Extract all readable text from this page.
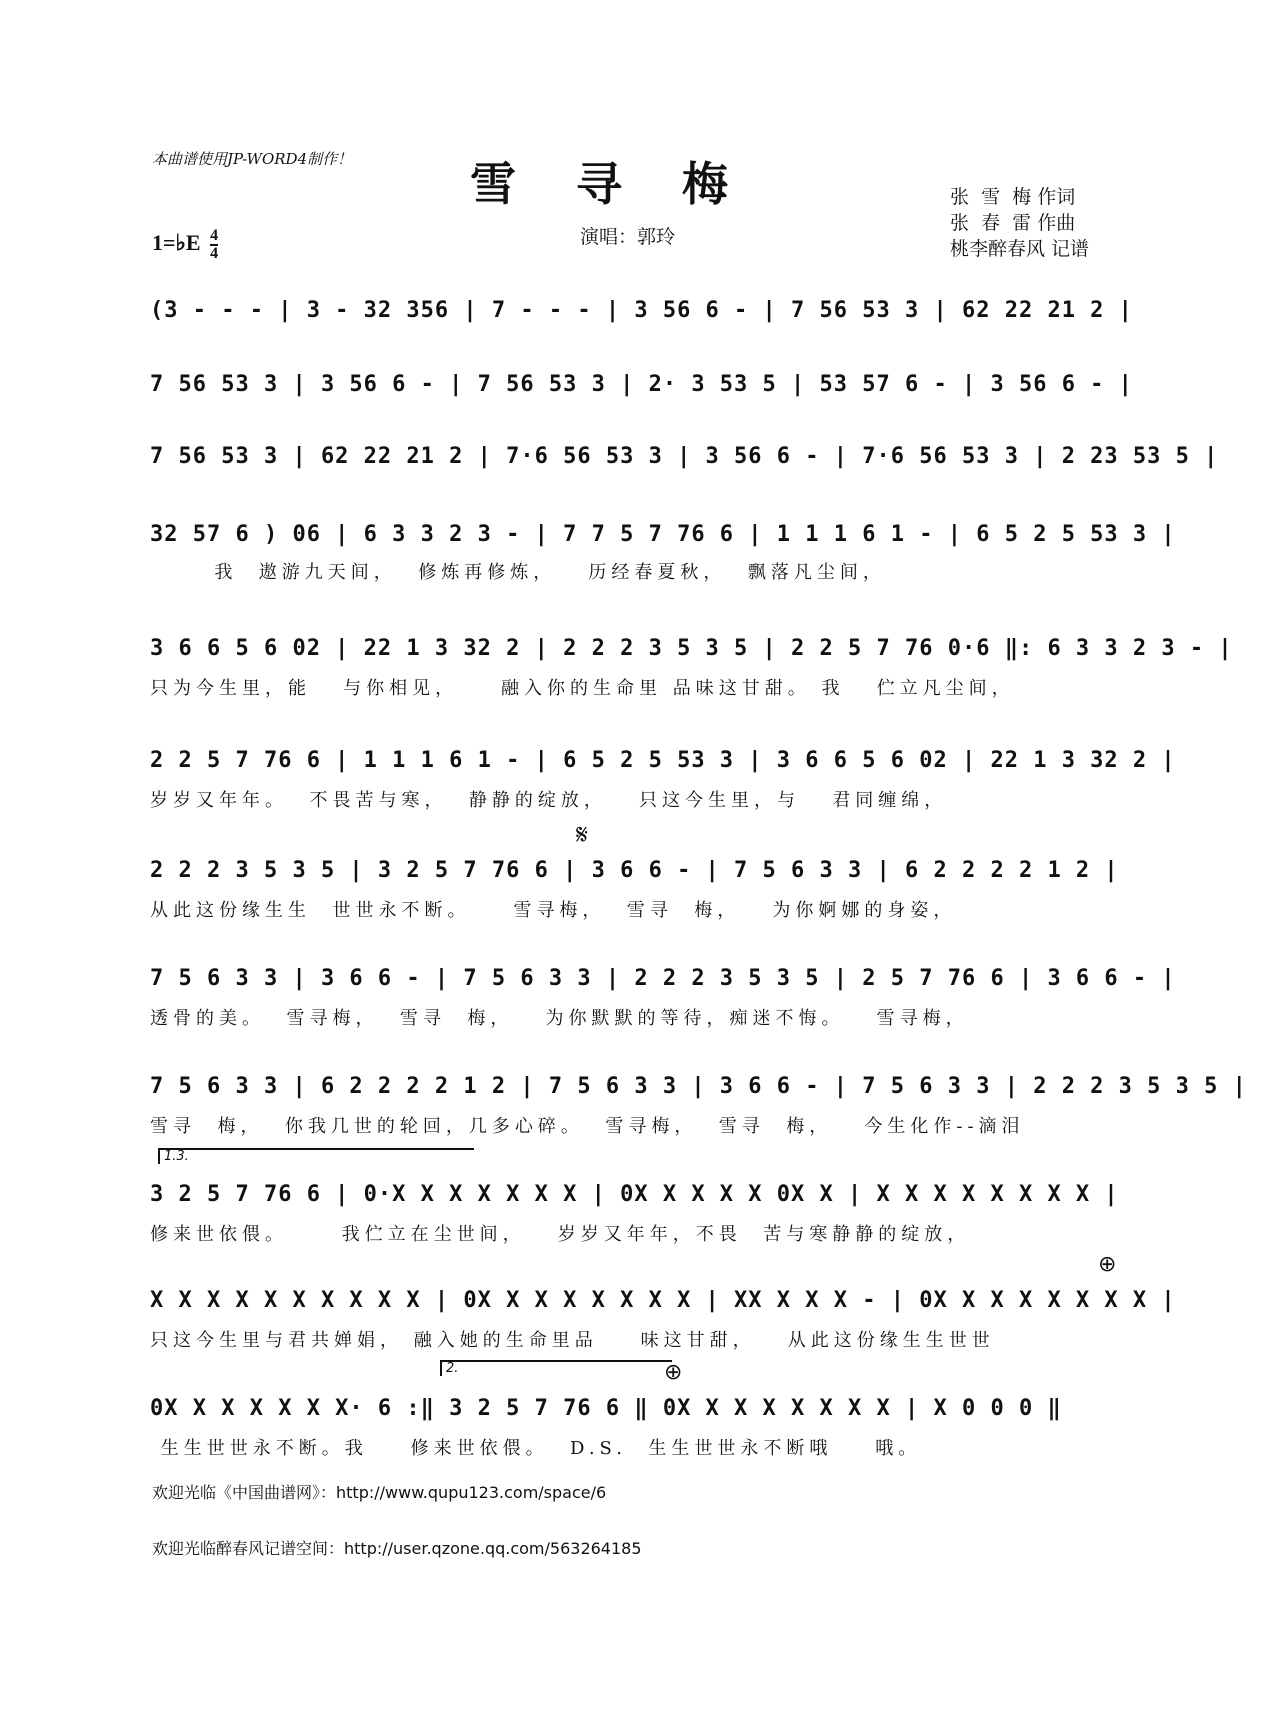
本曲谱使用JP-WORD4制作！	雪寻梅
演唱：郭玲
张  雪  梅 作词
张  春  雷 作曲
桃李醉春风 记谱
1=♭E $\frac{4}{4}$
(3 - - - | 3 - 32 356 | 7 - - - | 3 56 6 - | 7 56 53 3 | 62 22 21 2 |
7 56 53 3 | 3 56 6 - | 7 56 53 3 | 2· 3 53 5 | 53 57 6 - | 3 56 6 - |
7 56 53 3 | 62 22 21 2 | 7·6 56 53 3 | 3 56 6 - | 7·6 56 53 3 | 2 23 53 5 |
32 57 6 ) 06 | 6 3 3 2 3 - | 7 7 5 7 76 6 | 1 1 1 6 1 - | 6 5 2 5 53 3 |
我  遨游九天间，  修炼再修炼，   历经春夏秋，  飘落凡尘间，
3 6 6 5 6 02 | 22 1 3 32 2 | 2 2 2 3 5 3 5 | 2 2 5 7 76 0·6 ‖: 6 3 3 2 3 - |
只为今生里，能   与你相见，    融入你的生命里 品味这甘甜。 我   伫立凡尘间，
2 2 5 7 76 6 | 1 1 1 6 1 - | 6 5 2 5 53 3 | 3 6 6 5 6 02 | 22 1 3 32 2 |
岁岁又年年。  不畏苦与寒，  静静的绽放，   只这今生里，与   君同缠绵，
𝄋
2 2 2 3 5 3 5 | 3 2 5 7 76 6 | 3 6 6 - | 7 5 6 3 3 | 6 2 2 2 2 1 2 |
从此这份缘生生  世世永不断。    雪寻梅，  雪寻  梅，   为你婀娜的身姿，
7 5 6 3 3 | 3 6 6 - | 7 5 6 3 3 | 2 2 2 3 5 3 5 | 2 5 7 76 6 | 3 6 6 - |
透骨的美。  雪寻梅，  雪寻  梅，   为你默默的等待，痴迷不悔。   雪寻梅，
7 5 6 3 3 | 6 2 2 2 2 1 2 | 7 5 6 3 3 | 3 6 6 - | 7 5 6 3 3 | 2 2 2 3 5 3 5 |
雪寻  梅，  你我几世的轮回，几多心碎。  雪寻梅，  雪寻  梅，   今生化作--滴泪
1.3.
3 2 5 7 76 6 | 0·X X X X X X X | 0X X X X X 0X X | X X X X X X X X |
修来世依偎。     我伫立在尘世间，   岁岁又年年，不畏  苦与寒静静的绽放，
⊕
X X X X X X X X X X | 0X X X X X X X X | XX X X X - | 0X X X X X X X X |
只这今生里与君共婵娟， 融入她的生命里品    味这甘甜，   从此这份缘生生世世
2.	⊕
0X X X X X X X· 6 :‖ 3 2 5 7 76 6 ‖ 0X X X X X X X X | X 0 0 0 ‖
生生世世永不断。我    修来世依偎。  D.S.  生生世世永不断哦    哦。
欢迎光临《中国曲谱网》：http://www.qupu123.com/space/6
欢迎光临醉春风记谱空间：http://user.qzone.qq.com/563264185
